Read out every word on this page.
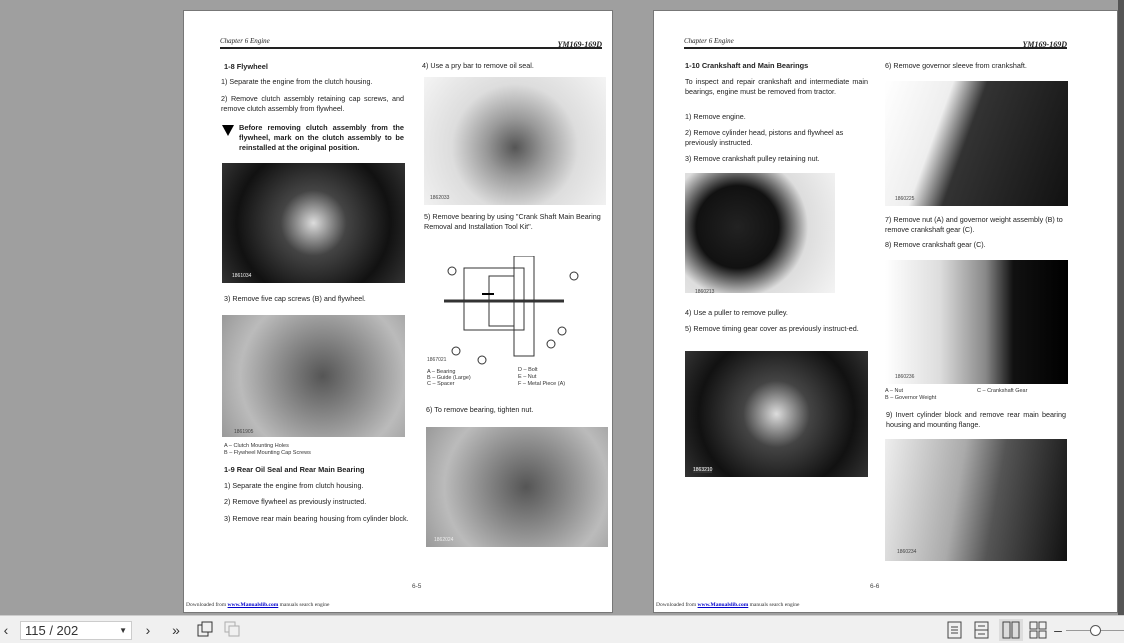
Chapter 6 Engine	YM169-169D
1-8 Flywheel
1) Separate the engine from the clutch housing.
2) Remove clutch assembly retaining cap screws, and remove clutch assembly from flywheel.
Before removing clutch assembly from the flywheel, mark on the clutch assembly to be reinstalled at the original position.
1861034
3) Remove five cap screws (B) and flywheel.
1861905
A – Clutch Mounting Holes
B – Flywheel Mounting Cap Screws
1-9 Rear Oil Seal and Rear Main Bearing
1) Separate the engine from clutch housing.
2) Remove flywheel as previously instructed.
3) Remove rear main bearing housing from cylinder block.
4) Use a pry bar to remove oil seal.
1862033
5) Remove bearing by using "Crank Shaft Main Bearing Removal and Installation Tool Kit".
1867021
A – Bearing
B – Guide (Large)
C – Spacer
D – Bolt
E – Nut
F – Metal Piece (A)
6) To remove bearing, tighten nut.
1862024
6-5
Downloaded from www.Manualslib.com manuals search engine
Chapter 6 Engine	YM169-169D
1-10 Crankshaft and Main Bearings
To inspect and repair crankshaft and intermediate main bearings, engine must be removed from tractor.
1) Remove engine.
2) Remove cylinder head, pistons and flywheel as previously instructed.
3) Remove crankshaft pulley retaining nut.
1860213
4) Use a puller to remove pulley.
5) Remove timing gear cover as previously instruct-ed.
1863210
6) Remove governor sleeve from crankshaft.
1860225
7) Remove nut (A) and governor weight assembly (B) to remove crankshaft gear (C).
8) Remove crankshaft gear (C).
1860236
A – Nut
B – Governor Weight
C – Crankshaft Gear
9) Invert cylinder block and remove rear main bearing housing and mounting flange.
1860234
6-6
Downloaded from www.Manualslib.com manuals search engine
‹	115 / 202	▼	›	»	–
